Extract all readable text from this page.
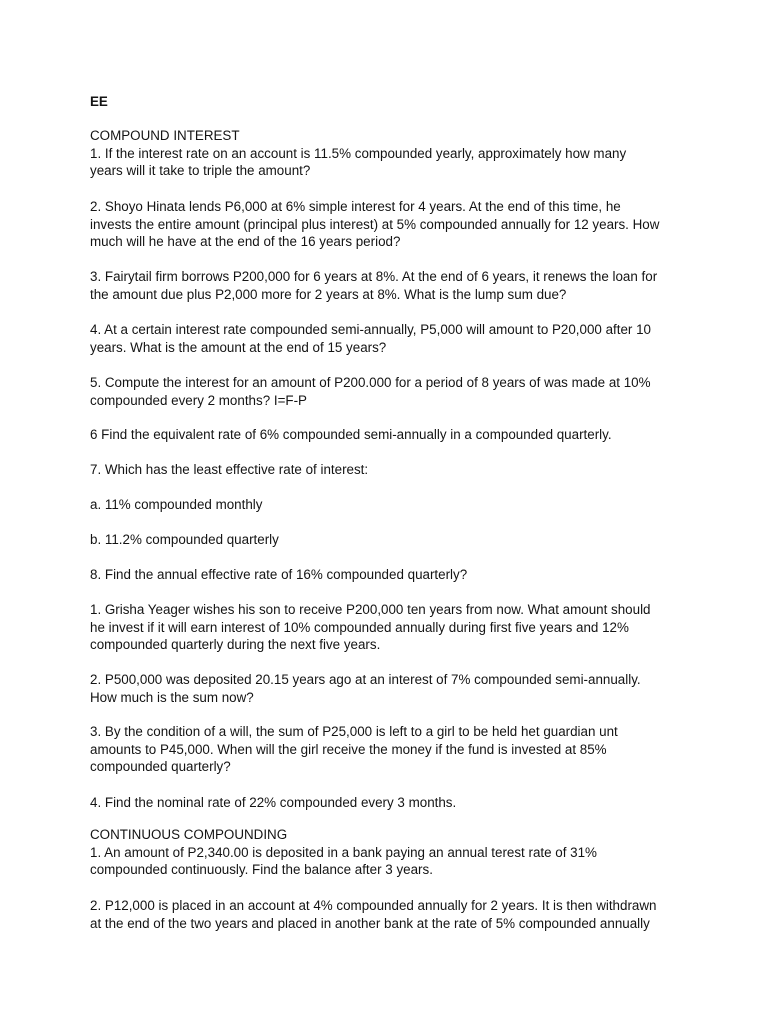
EE

COMPOUND INTEREST
1. If the interest rate on an account is 11.5% compounded yearly, approximately how many
years will it take to triple the amount?
2. Shoyo Hinata lends P6,000 at 6% simple interest for 4 years. At the end of this time, he
invests the entire amount (principal plus interest) at 5% compounded annually for 12 years. How
much will he have at the end of the 16 years period?
3. Fairytail firm borrows P200,000 for 6 years at 8%. At the end of 6 years, it renews the loan for
the amount due plus P2,000 more for 2 years at 8%. What is the lump sum due?
4. At a certain interest rate compounded semi-annually, P5,000 will amount to P20,000 after 10
years. What is the amount at the end of 15 years?
5. Compute the interest for an amount of P200.000 for a period of 8 years of was made at 10%
compounded every 2 months? I=F-P
6 Find the equivalent rate of 6% compounded semi-annually in a compounded quarterly.
7. Which has the least effective rate of interest:
a. 11% compounded monthly
b. 11.2% compounded quarterly
8. Find the annual effective rate of 16% compounded quarterly?
1. Grisha Yeager wishes his son to receive P200,000 ten years from now. What amount should
he invest if it will earn interest of 10% compounded annually during first five years and 12%
compounded quarterly during the next five years.
2. P500,000 was deposited 20.15 years ago at an interest of 7% compounded semi-annually.
How much is the sum now?
3. By the condition of a will, the sum of P25,000 is left to a girl to be held het guardian unt
amounts to P45,000. When will the girl receive the money if the fund is invested at 85%
compounded quarterly?
4. Find the nominal rate of 22% compounded every 3 months.
CONTINUOUS COMPOUNDING
1. An amount of P2,340.00 is deposited in a bank paying an annual terest rate of 31%
compounded continuously. Find the balance after 3 years.
2. P12,000 is placed in an account at 4% compounded annually for 2 years. It is then withdrawn
at the end of the two years and placed in another bank at the rate of 5% compounded annually
